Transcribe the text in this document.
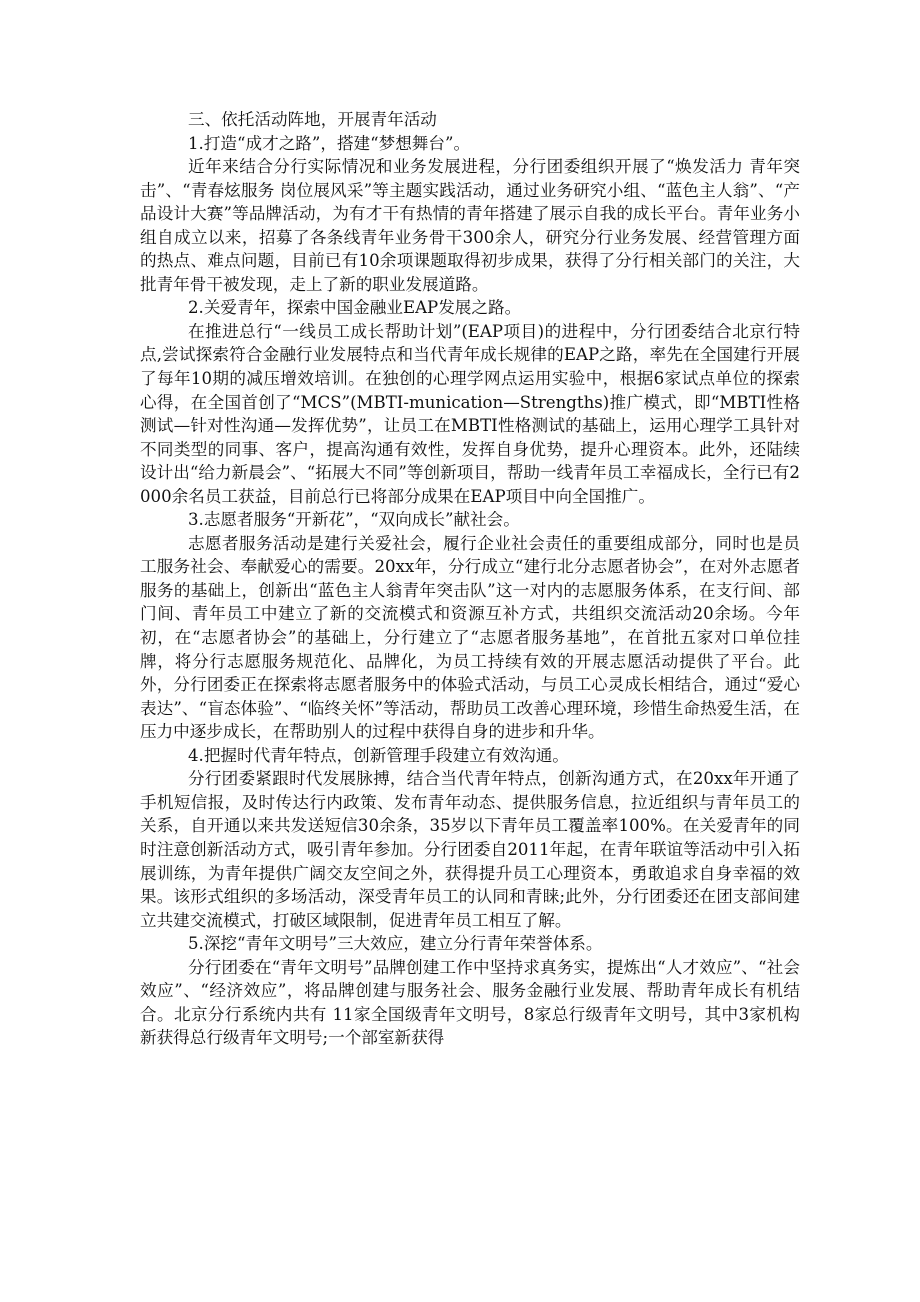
三、依托活动阵地，开展青年活动

1.打造“成才之路”，搭建“梦想舞台”。

近年来结合分行实际情况和业务发展进程，分行团委组织开展了“焕发活力 青年突击”、“青春炫服务 岗位展风采”等主题实践活动，通过业务研究小组、“蓝色主人翁”、“产品设计大赛”等品牌活动，为有才干有热情的青年搭建了展示自我的成长平台。青年业务小组自成立以来，招募了各条线青年业务骨干300余人，研究分行业务发展、经营管理方面的热点、难点问题，目前已有10余项课题取得初步成果，获得了分行相关部门的关注，大批青年骨干被发现，走上了新的职业发展道路。

2.关爱青年，探索中国金融业EAP发展之路。

在推进总行“一线员工成长帮助计划”(EAP项目)的进程中，分行团委结合北京行特点,尝试探索符合金融行业发展特点和当代青年成长规律的EAP之路，率先在全国建行开展了每年10期的减压增效培训。在独创的心理学网点运用实验中，根据6家试点单位的探索心得，在全国首创了“MCS”(MBTI-munication—Strengths)推广模式，即“MBTI性格测试—针对性沟通—发挥优势”，让员工在MBTI性格测试的基础上，运用心理学工具针对不同类型的同事、客户，提高沟通有效性，发挥自身优势，提升心理资本。此外，还陆续设计出“给力新晨会”、“拓展大不同”等创新项目，帮助一线青年员工幸福成长，全行已有2000余名员工获益，目前总行已将部分成果在EAP项目中向全国推广。

3.志愿者服务“开新花”，“双向成长”献社会。

志愿者服务活动是建行关爱社会，履行企业社会责任的重要组成部分，同时也是员工服务社会、奉献爱心的需要。20xx年，分行成立“建行北分志愿者协会”，在对外志愿者服务的基础上，创新出“蓝色主人翁青年突击队”这一对内的志愿服务体系，在支行间、部门间、青年员工中建立了新的交流模式和资源互补方式，共组织交流活动20余场。今年初，在“志愿者协会”的基础上，分行建立了“志愿者服务基地”，在首批五家对口单位挂牌，将分行志愿服务规范化、品牌化，为员工持续有效的开展志愿活动提供了平台。此外，分行团委正在探索将志愿者服务中的体验式活动，与员工心灵成长相结合，通过“爱心表达”、“盲态体验”、“临终关怀”等活动，帮助员工改善心理环境，珍惜生命热爱生活，在压力中逐步成长，在帮助别人的过程中获得自身的进步和升华。

4.把握时代青年特点，创新管理手段建立有效沟通。

分行团委紧跟时代发展脉搏，结合当代青年特点，创新沟通方式，在20xx年开通了手机短信报，及时传达行内政策、发布青年动态、提供服务信息，拉近组织与青年员工的关系，自开通以来共发送短信30余条，35岁以下青年员工覆盖率100%。在关爱青年的同时注意创新活动方式，吸引青年参加。分行团委自2011年起，在青年联谊等活动中引入拓展训练，为青年提供广阔交友空间之外，获得提升员工心理资本，勇敢追求自身幸福的效果。该形式组织的多场活动，深受青年员工的认同和青睐;此外，分行团委还在团支部间建立共建交流模式，打破区域限制，促进青年员工相互了解。

5.深挖“青年文明号”三大效应，建立分行青年荣誉体系。

分行团委在“青年文明号”品牌创建工作中坚持求真务实，提炼出“人才效应”、“社会效应”、“经济效应”，将品牌创建与服务社会、服务金融行业发展、帮助青年成长有机结合。北京分行系统内共有 11家全国级青年文明号，8家总行级青年文明号，其中3家机构新获得总行级青年文明号;一个部室新获得
